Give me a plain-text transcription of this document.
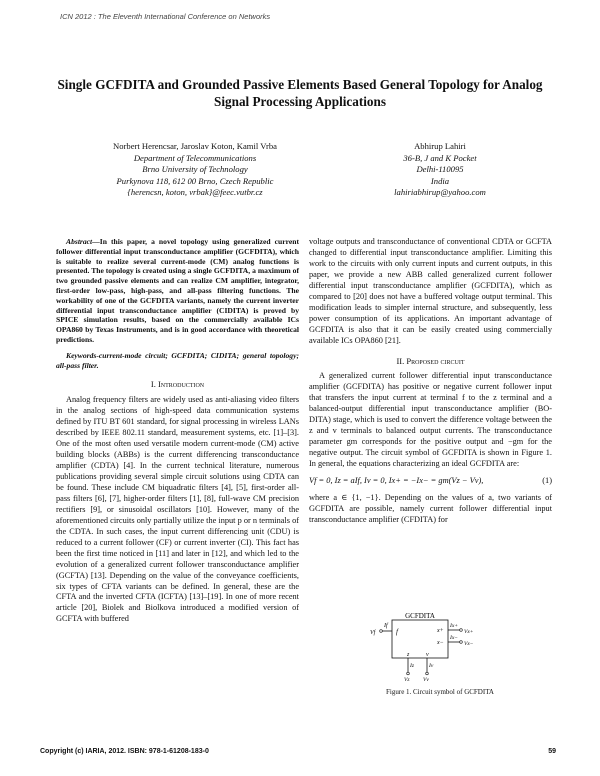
ICN 2012 : The Eleventh International Conference on Networks
Single GCFDITA and Grounded Passive Elements Based General Topology for Analog Signal Processing Applications
Norbert Herencsar, Jaroslav Koton, Kamil Vrba
Department of Telecommunications
Brno University of Technology
Purkynova 118, 612 00 Brno, Czech Republic
{herencsn, koton, vrbak}@feec.vutbr.cz
Abhirup Lahiri
36-B, J and K Pocket
Delhi-110095
India
lahiriabhirup@yahoo.com

Abstract—In this paper, a novel topology using generalized current follower differential input transconductance amplifier (GCFDITA), which is suitable to realize several current-mode (CM) analog functions is presented. The topology is created using a single GCFDITA, a maximum of two grounded passive elements and can realize CM amplifier, integrator, first-order low-pass, high-pass, and all-pass filtering functions. The workability of one of the GCFDITA variants, namely the current inverter differential input transconductance amplifier (CIDITA) is proved by SPICE simulation results, based on the commercially available ICs OPA860 by Texas Instruments, and is in good accordance with theoretical predictions.

Keywords-current-mode circuit; GCFDITA; CIDITA; general topology; all-pass filter.

I. Introduction

Analog frequency filters are widely used as anti-aliasing video filters in the analog sections of high-speed data communication systems defined by ITU BT 601 standard, for signal processing in wireless LANs described by IEEE 802.11 standard, measurement systems, etc. [1]–[3]. One of the most often used versatile modern current-mode (CM) active building blocks (ABBs) is the current differencing transconductance amplifier (CDTA) [4]. In the current technical literature, numerous publications providing several simple circuit solutions using CDTA can be found. These include CM biquadratic filters [4], [5], first-order all-pass filters [6], [7], higher-order filters [1], [8], full-wave CM precision rectifiers [9], or sinusoidal oscillators [10]. However, many of the aforementioned circuits only partially utilize the input p or n terminals of the CDTA. In such cases, the input current differencing unit (CDU) is reduced to a current follower (CF) or current inverter (CI). This fact has been the first time noticed in [11] and later in [12], and which led to the evolution of a generalized current follower transconductance amplifier (GCFTA) [13]. Depending on the value of the conveyance coefficients, six types of CFTA variants can be defined. In general, these are the CFTA and the inverted CFTA (ICFTA) [13]–[19]. In one of more recent article [20], Biolek and Biolkova introduced a modified version of GCFTA with buffered

voltage outputs and transconductance of conventional CDTA or GCFTA changed to differential input transconductance amplifier. Limiting this work to the circuits with only current inputs and current outputs, in this paper, we provide a new ABB called generalized current follower differential input transconductance amplifier (GCFDITA), which as compared to [20] does not have a buffered voltage output terminal. This modification leads to simpler internal structure, and subsequently, less power consumption of its applications. An important advantage of GCFDITA is also that it can be easily created using commercially available ICs OPA860 [21].

II. Proposed circuit

A generalized current follower differential input transconductance amplifier (GCFDITA) has positive or negative current follower input that transfers the input current at terminal f to the z terminal and a balanced-output differential input transconductance amplifier (BO-DITA) stage, which is used to convert the difference voltage between the z and v terminals to balanced output currents. The transconductance parameter gm corresponds for the positive output and −gm for the negative output. The circuit symbol of GCFDITA is shown in Figure 1. In general, the equations characterizing an ideal GCFDITA are:

Vf = 0, Iz = aIf, Iv = 0, Ix+ = −Ix− = gm(Vz − Vv),	(1)

where a ∈ {1, −1}. Depending on the values of a, two variants of GCFDITA are possible, namely current follower differential input transconductance amplifier (CFDITA) for

GCFDITA
f	x+
x−
z	v
Vf
If	Ix+
Ix−
Vx+
Vx−
Iz	Iv
Vz Vv
Figure 1. Circuit symbol of GCFDITA
Copyright (c) IARIA, 2012. ISBN: 978-1-61208-183-0	59
